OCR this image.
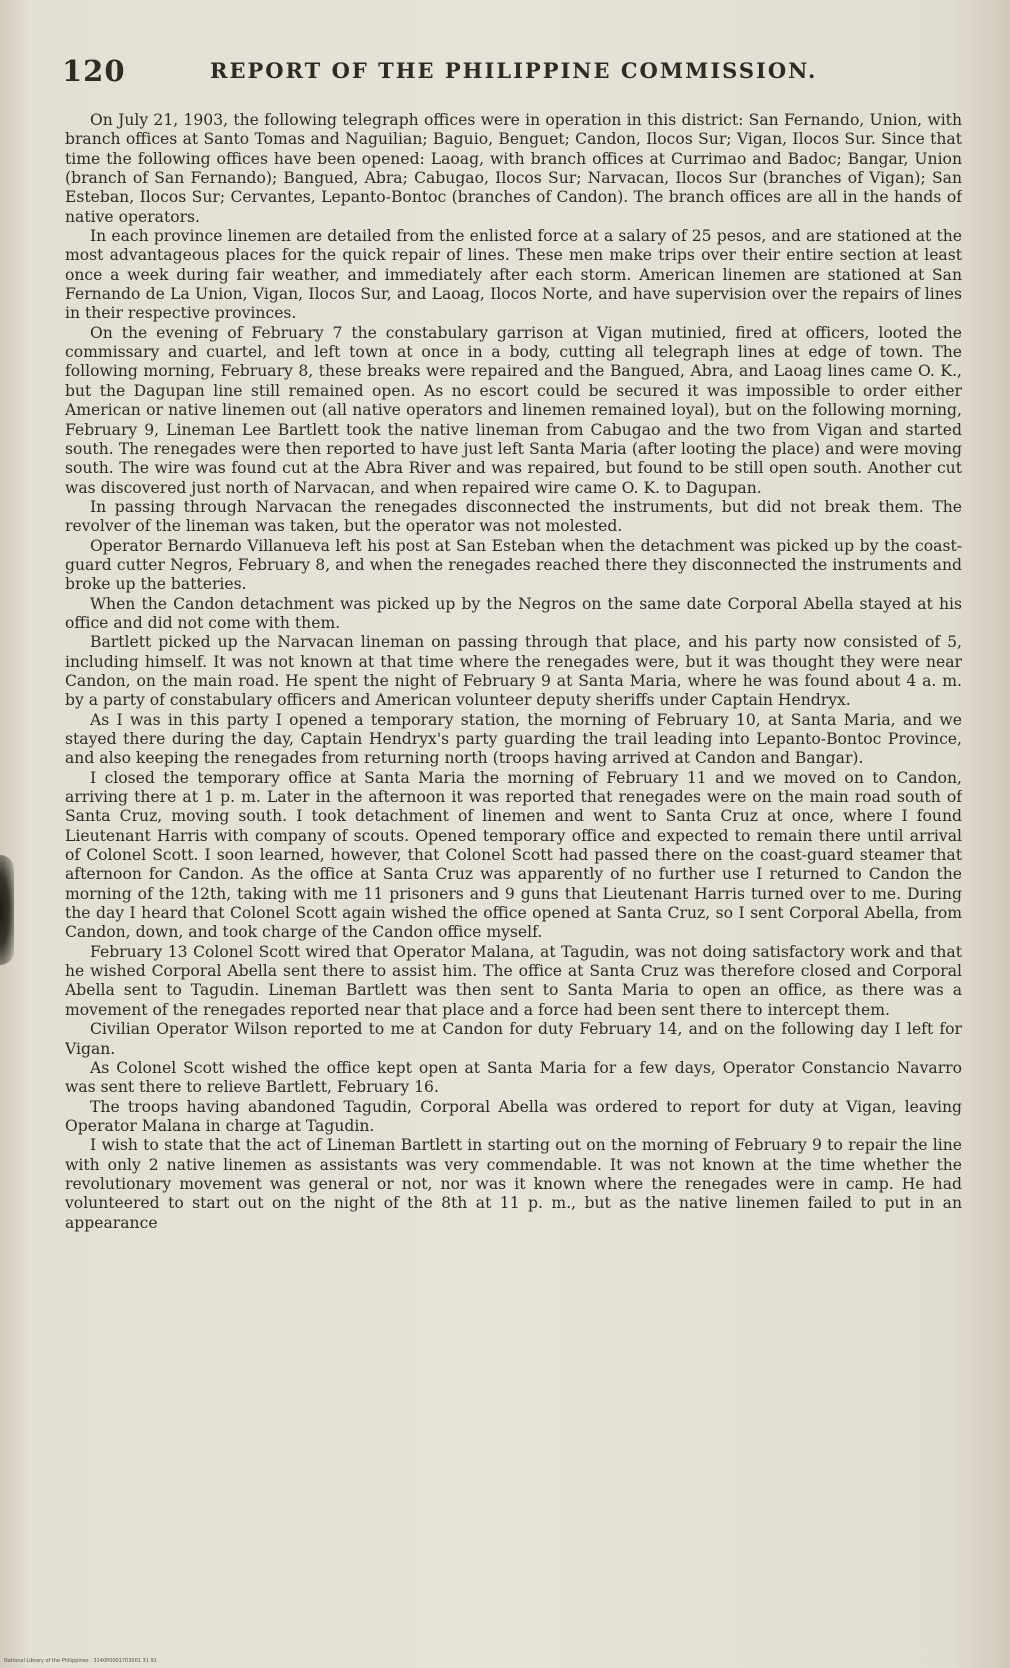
120	REPORT OF THE PHILIPPINE COMMISSION.

On July 21, 1903, the following telegraph offices were in operation in this district: San Fernando, Union, with branch offices at Santo Tomas and Naguilian; Baguio, Benguet; Candon, Ilocos Sur; Vigan, Ilocos Sur. Since that time the following offices have been opened: Laoag, with branch offices at Currimao and Badoc; Bangar, Union (branch of San Fernando); Bangued, Abra; Cabugao, Ilocos Sur; Narvacan, Ilocos Sur (branches of Vigan); San Esteban, Ilocos Sur; Cervantes, Lepanto-Bontoc (branches of Candon). The branch offices are all in the hands of native operators.

In each province linemen are detailed from the enlisted force at a salary of 25 pesos, and are stationed at the most advantageous places for the quick repair of lines. These men make trips over their entire section at least once a week during fair weather, and immediately after each storm. American linemen are stationed at San Fernando de La Union, Vigan, Ilocos Sur, and Laoag, Ilocos Norte, and have supervision over the repairs of lines in their respective provinces.

On the evening of February 7 the constabulary garrison at Vigan mutinied, fired at officers, looted the commissary and cuartel, and left town at once in a body, cutting all telegraph lines at edge of town. The following morning, February 8, these breaks were repaired and the Bangued, Abra, and Laoag lines came O. K., but the Dagupan line still remained open. As no escort could be secured it was impossible to order either American or native linemen out (all native operators and linemen remained loyal), but on the following morning, February 9, Lineman Lee Bartlett took the native lineman from Cabugao and the two from Vigan and started south. The renegades were then reported to have just left Santa Maria (after looting the place) and were moving south. The wire was found cut at the Abra River and was repaired, but found to be still open south. Another cut was discovered just north of Narvacan, and when repaired wire came O. K. to Dagupan.

In passing through Narvacan the renegades disconnected the instruments, but did not break them. The revolver of the lineman was taken, but the operator was not molested.

Operator Bernardo Villanueva left his post at San Esteban when the detachment was picked up by the coast-guard cutter Negros, February 8, and when the renegades reached there they disconnected the instruments and broke up the batteries.

When the Candon detachment was picked up by the Negros on the same date Corporal Abella stayed at his office and did not come with them.

Bartlett picked up the Narvacan lineman on passing through that place, and his party now consisted of 5, including himself. It was not known at that time where the renegades were, but it was thought they were near Candon, on the main road. He spent the night of February 9 at Santa Maria, where he was found about 4 a. m. by a party of constabulary officers and American volunteer deputy sheriffs under Captain Hendryx.

As I was in this party I opened a temporary station, the morning of February 10, at Santa Maria, and we stayed there during the day, Captain Hendryx's party guarding the trail leading into Lepanto-Bontoc Province, and also keeping the renegades from returning north (troops having arrived at Candon and Bangar).

I closed the temporary office at Santa Maria the morning of February 11 and we moved on to Candon, arriving there at 1 p. m. Later in the afternoon it was reported that renegades were on the main road south of Santa Cruz, moving south. I took detachment of linemen and went to Santa Cruz at once, where I found Lieutenant Harris with company of scouts. Opened temporary office and expected to remain there until arrival of Colonel Scott. I soon learned, however, that Colonel Scott had passed there on the coast-guard steamer that afternoon for Candon. As the office at Santa Cruz was apparently of no further use I returned to Candon the morning of the 12th, taking with me 11 prisoners and 9 guns that Lieutenant Harris turned over to me. During the day I heard that Colonel Scott again wished the office opened at Santa Cruz, so I sent Corporal Abella, from Candon, down, and took charge of the Candon office myself.

February 13 Colonel Scott wired that Operator Malana, at Tagudin, was not doing satisfactory work and that he wished Corporal Abella sent there to assist him. The office at Santa Cruz was therefore closed and Corporal Abella sent to Tagudin. Lineman Bartlett was then sent to Santa Maria to open an office, as there was a movement of the renegades reported near that place and a force had been sent there to intercept them.

Civilian Operator Wilson reported to me at Candon for duty February 14, and on the following day I left for Vigan.

As Colonel Scott wished the office kept open at Santa Maria for a few days, Operator Constancio Navarro was sent there to relieve Bartlett, February 16.

The troops having abandoned Tagudin, Corporal Abella was ordered to report for duty at Vigan, leaving Operator Malana in charge at Tagudin.

I wish to state that the act of Lineman Bartlett in starting out on the morning of February 9 to repair the line with only 2 native linemen as assistants was very commendable. It was not known at the time whether the revolutionary movement was general or not, nor was it known where the renegades were in camp. He had volunteered to start out on the night of the 8th at 11 p. m., but as the native linemen failed to put in an appearance

National Library of the Philippines · 3140P0001703001 31 91
